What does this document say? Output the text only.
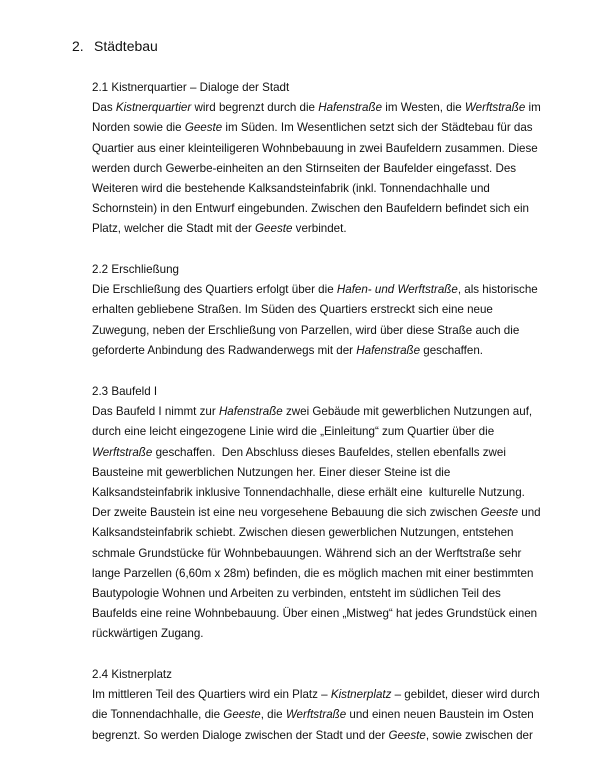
2. Städtebau
2.1 Kistnerquartier – Dialoge der Stadt

Das Kistnerquartier wird begrenzt durch die Hafenstraße im Westen, die Werftstraße im
Norden sowie die Geeste im Süden. Im Wesentlichen setzt sich der Städtebau für das
Quartier aus einer kleinteiligeren Wohnbebauung in zwei Baufeldern zusammen. Diese
werden durch Gewerbe-einheiten an den Stirnseiten der Baufelder eingefasst. Des
Weiteren wird die bestehende Kalksandsteinfabrik (inkl. Tonnendachhalle und
Schornstein) in den Entwurf eingebunden. Zwischen den Baufeldern befindet sich ein
Platz, welcher die Stadt mit der Geeste verbindet.

2.2 Erschließung

Die Erschließung des Quartiers erfolgt über die Hafen- und Werftstraße, als historische
erhalten gebliebene Straßen. Im Süden des Quartiers erstreckt sich eine neue
Zuwegung, neben der Erschließung von Parzellen, wird über diese Straße auch die
geforderte Anbindung des Radwanderwegs mit der Hafenstraße geschaffen.

2.3 Baufeld I

Das Baufeld I nimmt zur Hafenstraße zwei Gebäude mit gewerblichen Nutzungen auf,
durch eine leicht eingezogene Linie wird die „Einleitung“ zum Quartier über die
Werftstraße geschaffen.  Den Abschluss dieses Baufeldes, stellen ebenfalls zwei
Bausteine mit gewerblichen Nutzungen her. Einer dieser Steine ist die
Kalksandsteinfabrik inklusive Tonnendachhalle, diese erhält eine  kulturelle Nutzung.
Der zweite Baustein ist eine neu vorgesehene Bebauung die sich zwischen Geeste und
Kalksandsteinfabrik schiebt. Zwischen diesen gewerblichen Nutzungen, entstehen
schmale Grundstücke für Wohnbebauungen. Während sich an der Werftstraße sehr
lange Parzellen (6,60m x 28m) befinden, die es möglich machen mit einer bestimmten
Bautypologie Wohnen und Arbeiten zu verbinden, entsteht im südlichen Teil des
Baufelds eine reine Wohnbebauung. Über einen „Mistweg“ hat jedes Grundstück einen
rückwärtigen Zugang.

2.4 Kistnerplatz

Im mittleren Teil des Quartiers wird ein Platz – Kistnerplatz – gebildet, dieser wird durch
die Tonnendachhalle, die Geeste, die Werftstraße und einen neuen Baustein im Osten
begrenzt. So werden Dialoge zwischen der Stadt und der Geeste, sowie zwischen der
